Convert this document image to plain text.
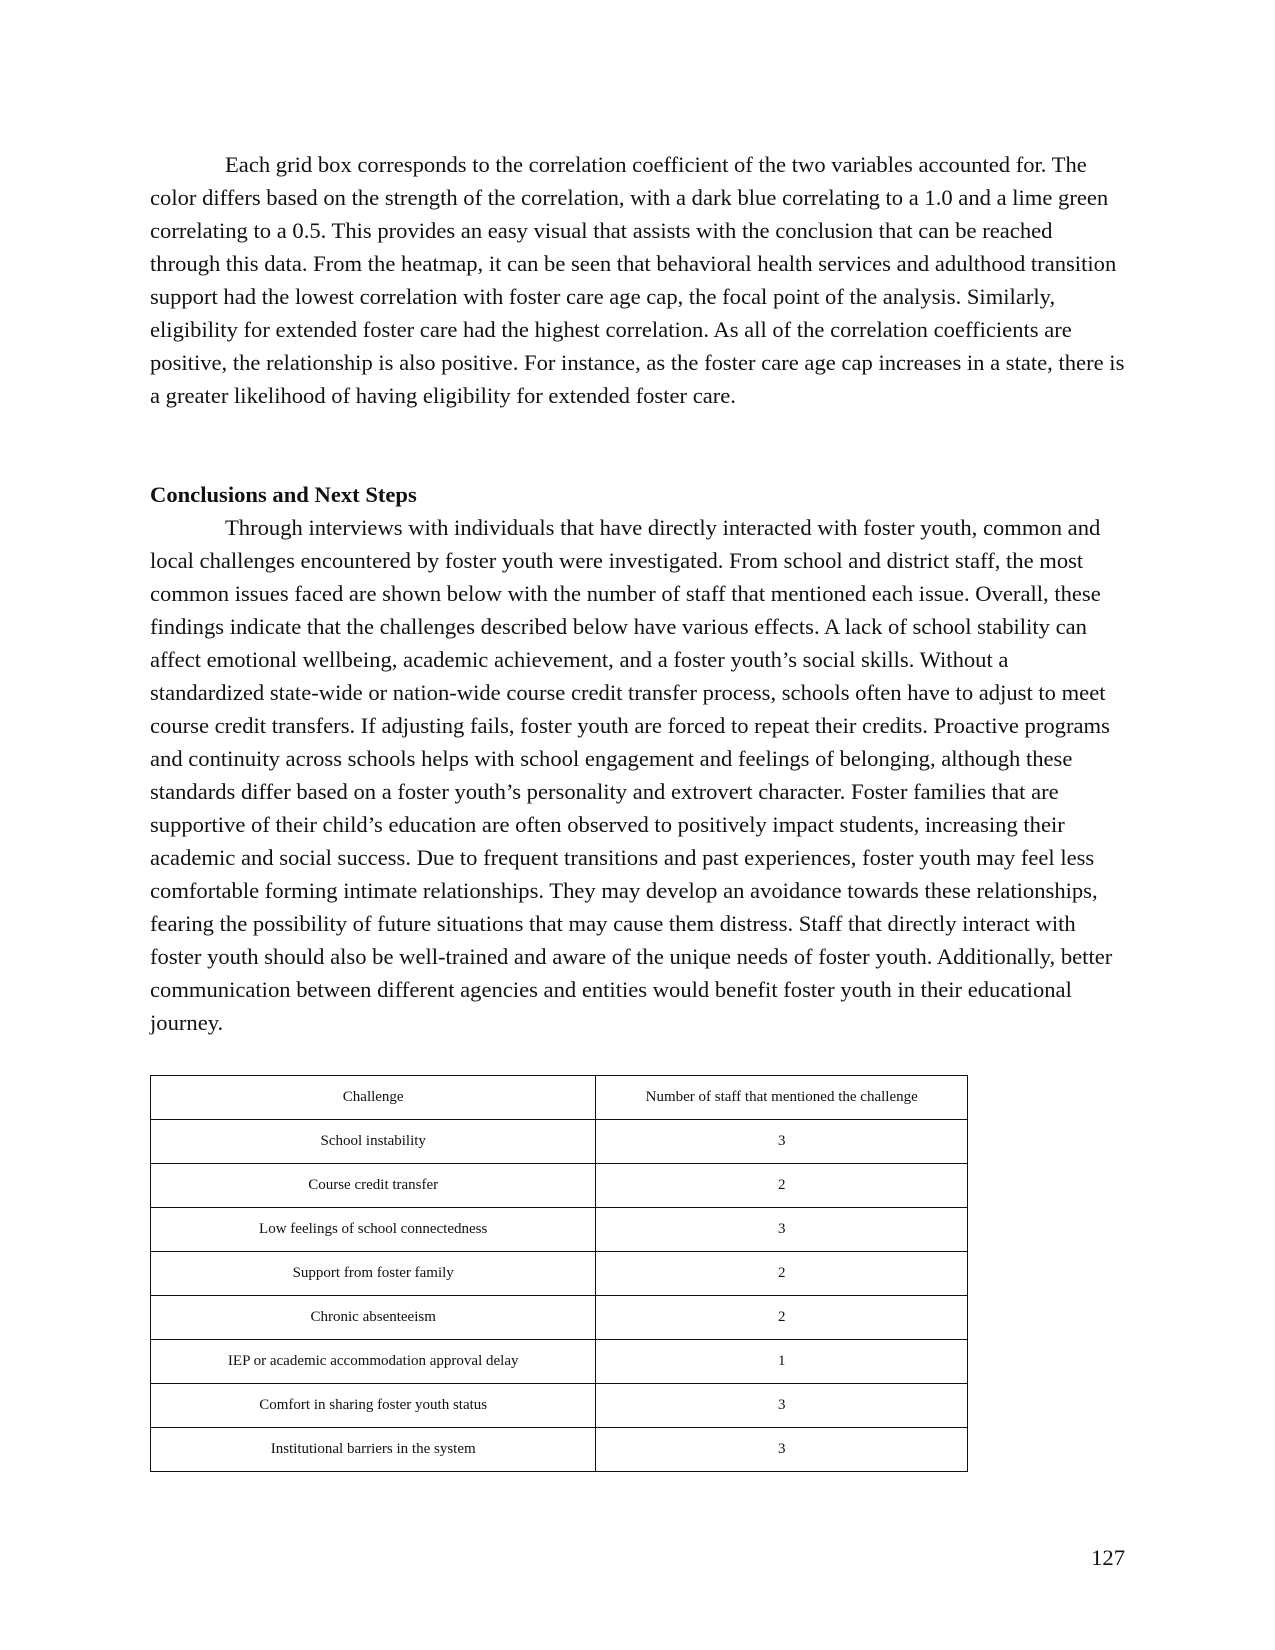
Each grid box corresponds to the correlation coefficient of the two variables accounted for. The color differs based on the strength of the correlation, with a dark blue correlating to a 1.0 and a lime green correlating to a 0.5. This provides an easy visual that assists with the conclusion that can be reached through this data. From the heatmap, it can be seen that behavioral health services and adulthood transition support had the lowest correlation with foster care age cap, the focal point of the analysis. Similarly, eligibility for extended foster care had the highest correlation. As all of the correlation coefficients are positive, the relationship is also positive. For instance, as the foster care age cap increases in a state, there is a greater likelihood of having eligibility for extended foster care.

Conclusions and Next Steps

Through interviews with individuals that have directly interacted with foster youth, common and local challenges encountered by foster youth were investigated. From school and district staff, the most common issues faced are shown below with the number of staff that mentioned each issue. Overall, these findings indicate that the challenges described below have various effects. A lack of school stability can affect emotional wellbeing, academic achievement, and a foster youth’s social skills. Without a standardized state-wide or nation-wide course credit transfer process, schools often have to adjust to meet course credit transfers. If adjusting fails, foster youth are forced to repeat their credits. Proactive programs and continuity across schools helps with school engagement and feelings of belonging, although these standards differ based on a foster youth’s personality and extrovert character. Foster families that are supportive of their child’s education are often observed to positively impact students, increasing their academic and social success. Due to frequent transitions and past experiences, foster youth may feel less comfortable forming intimate relationships. They may develop an avoidance towards these relationships, fearing the possibility of future situations that may cause them distress. Staff that directly interact with foster youth should also be well-trained and aware of the unique needs of foster youth. Additionally, better communication between different agencies and entities would benefit foster youth in their educational journey.

Challenge	Number of staff that mentioned the challenge
School instability	3
Course credit transfer	2
Low feelings of school connectedness	3
Support from foster family	2
Chronic absenteeism	2
IEP or academic accommodation approval delay	1
Comfort in sharing foster youth status	3
Institutional barriers in the system	3
127
